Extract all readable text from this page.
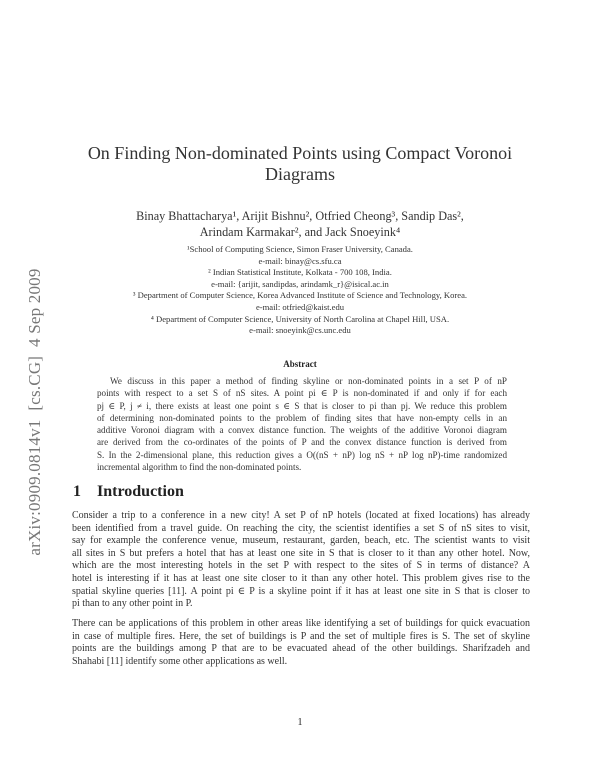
arXiv:0909.0814v1  [cs.CG]  4 Sep 2009
On Finding Non-dominated Points using Compact Voronoi
Diagrams
Binay Bhattacharya¹, Arijit Bishnu², Otfried Cheong³, Sandip Das²,
Arindam Karmakar², and Jack Snoeyink⁴
¹School of Computing Science, Simon Fraser University, Canada.
e-mail: binay@cs.sfu.ca
² Indian Statistical Institute, Kolkata - 700 108, India.
e-mail: {arijit, sandipdas, arindamk_r}@isical.ac.in
³ Department of Computer Science, Korea Advanced Institute of Science and Technology, Korea.
e-mail: otfried@kaist.edu
⁴ Department of Computer Science, University of North Carolina at Chapel Hill, USA.
e-mail: snoeyink@cs.unc.edu
Abstract
We discuss in this paper a method of finding skyline or non-dominated points in a set P of nP
points with respect to a set S of nS sites. A point pi ∈ P is non-dominated if and only if for each
pj ∈ P, j ≠ i, there exists at least one point s ∈ S that is closer to pi than pj. We reduce this problem
of determining non-dominated points to the problem of finding sites that have non-empty cells in an
additive Voronoi diagram with a convex distance function. The weights of the additive Voronoi diagram
are derived from the co-ordinates of the points of P and the convex distance function is derived from
S. In the 2-dimensional plane, this reduction gives a O((nS + nP) log nS + nP log nP)-time randomized
incremental algorithm to find the non-dominated points.
1 Introduction
Consider a trip to a conference in a new city! A set P of nP hotels (located at fixed locations) has already
been identified from a travel guide. On reaching the city, the scientist identifies a set S of nS sites to visit,
say for example the conference venue, museum, restaurant, garden, beach, etc. The scientist wants to visit
all sites in S but prefers a hotel that has at least one site in S that is closer to it than any other hotel. Now,
which are the most interesting hotels in the set P with respect to the sites of S in terms of distance? A
hotel is interesting if it has at least one site closer to it than any other hotel. This problem gives rise to the
spatial skyline queries [11]. A point pi ∈ P is a skyline point if it has at least one site in S that is closer to
pi than to any other point in P.
There can be applications of this problem in other areas like identifying a set of buildings for quick evacuation
in case of multiple fires. Here, the set of buildings is P and the set of multiple fires is S. The set of skyline
points are the buildings among P that are to be evacuated ahead of the other buildings. Sharifzadeh and
Shahabi [11] identify some other applications as well.
1
